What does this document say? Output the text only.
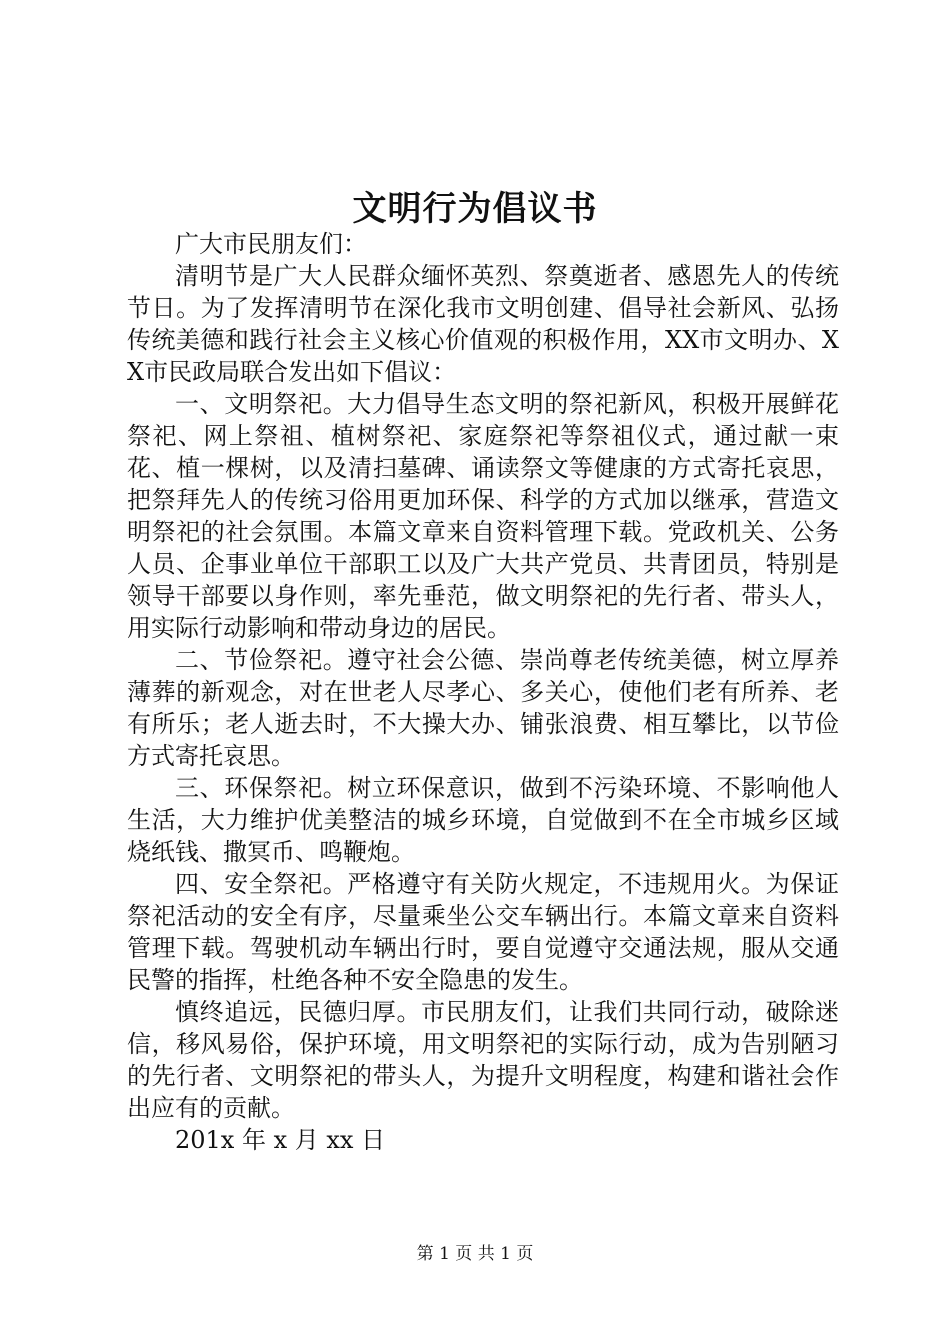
文明行为倡议书

广大市民朋友们：

清明节是广大人民群众缅怀英烈、祭奠逝者、感恩先人的传统节日。为了发挥清明节在深化我市文明创建、倡导社会新风、弘扬传统美德和践行社会主义核心价值观的积极作用，XX市文明办、XX市民政局联合发出如下倡议：

一、文明祭祀。大力倡导生态文明的祭祀新风，积极开展鲜花祭祀、网上祭祖、植树祭祀、家庭祭祀等祭祖仪式，通过献一束花、植一棵树，以及清扫墓碑、诵读祭文等健康的方式寄托哀思，把祭拜先人的传统习俗用更加环保、科学的方式加以继承，营造文明祭祀的社会氛围。本篇文章来自资料管理下载。党政机关、公务人员、企事业单位干部职工以及广大共产党员、共青团员，特别是领导干部要以身作则，率先垂范，做文明祭祀的先行者、带头人，用实际行动影响和带动身边的居民。

二、节俭祭祀。遵守社会公德、崇尚尊老传统美德，树立厚养薄葬的新观念，对在世老人尽孝心、多关心，使他们老有所养、老有所乐；老人逝去时，不大操大办、铺张浪费、相互攀比，以节俭方式寄托哀思。

三、环保祭祀。树立环保意识，做到不污染环境、不影响他人生活，大力维护优美整洁的城乡环境，自觉做到不在全市城乡区域烧纸钱、撒冥币、鸣鞭炮。

四、安全祭祀。严格遵守有关防火规定，不违规用火。为保证祭祀活动的安全有序，尽量乘坐公交车辆出行。本篇文章来自资料管理下载。驾驶机动车辆出行时，要自觉遵守交通法规，服从交通民警的指挥，杜绝各种不安全隐患的发生。

慎终追远，民德归厚。市民朋友们，让我们共同行动，破除迷信，移风易俗，保护环境，用文明祭祀的实际行动，成为告别陋习的先行者、文明祭祀的带头人，为提升文明程度，构建和谐社会作出应有的贡献。

201x 年 x 月 xx 日

第 1 页 共 1 页
